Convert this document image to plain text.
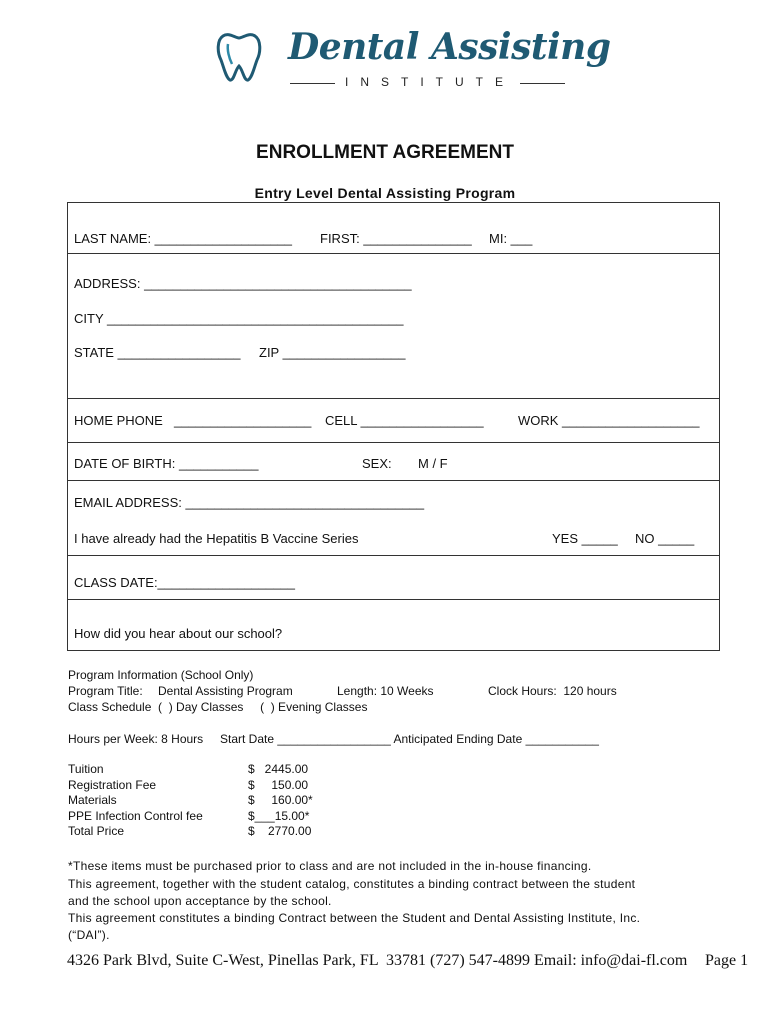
Dental Assisting
INSTITUTE
ENROLLMENT AGREEMENT
Entry Level Dental Assisting Program
LAST NAME: ___________________ FIRST: _______________ MI: ___
ADDRESS: _____________________________________
CITY _________________________________________
STATE _________________ ZIP _________________
HOME PHONE ___________________ CELL _________________	WORK ___________________
DATE OF BIRTH: ___________	SEX: M / F
EMAIL ADDRESS: _________________________________
I have already had the Hepatitis B Vaccine Series	YES _____ NO _____
CLASS DATE:___________________
How did you hear about our school?
Program Information (School Only)
Program Title: Dental Assisting Program	Length: 10 Weeks	Clock Hours:  120 hours
Class Schedule  (  ) Day Classes     (  ) Evening Classes
Hours per Week: 8 Hours Start Date _________________ Anticipated Ending Date ___________
Tuition	$   2445.00
Registration Fee	$     150.00
Materials	$     160.00*
PPE Infection Control fee	$___15.00*
Total Price	$    2770.00
*These items must be purchased prior to class and are not included in the in-house financing.
This agreement, together with the student catalog, constitutes a binding contract between the student
and the school upon acceptance by the school.
This agreement constitutes a binding Contract between the Student and Dental Assisting Institute, Inc.
(“DAI”).
4326 Park Blvd, Suite C-West, Pinellas Park, FL  33781 (727) 547-4899 Email: info@dai-fl.com Page 1
